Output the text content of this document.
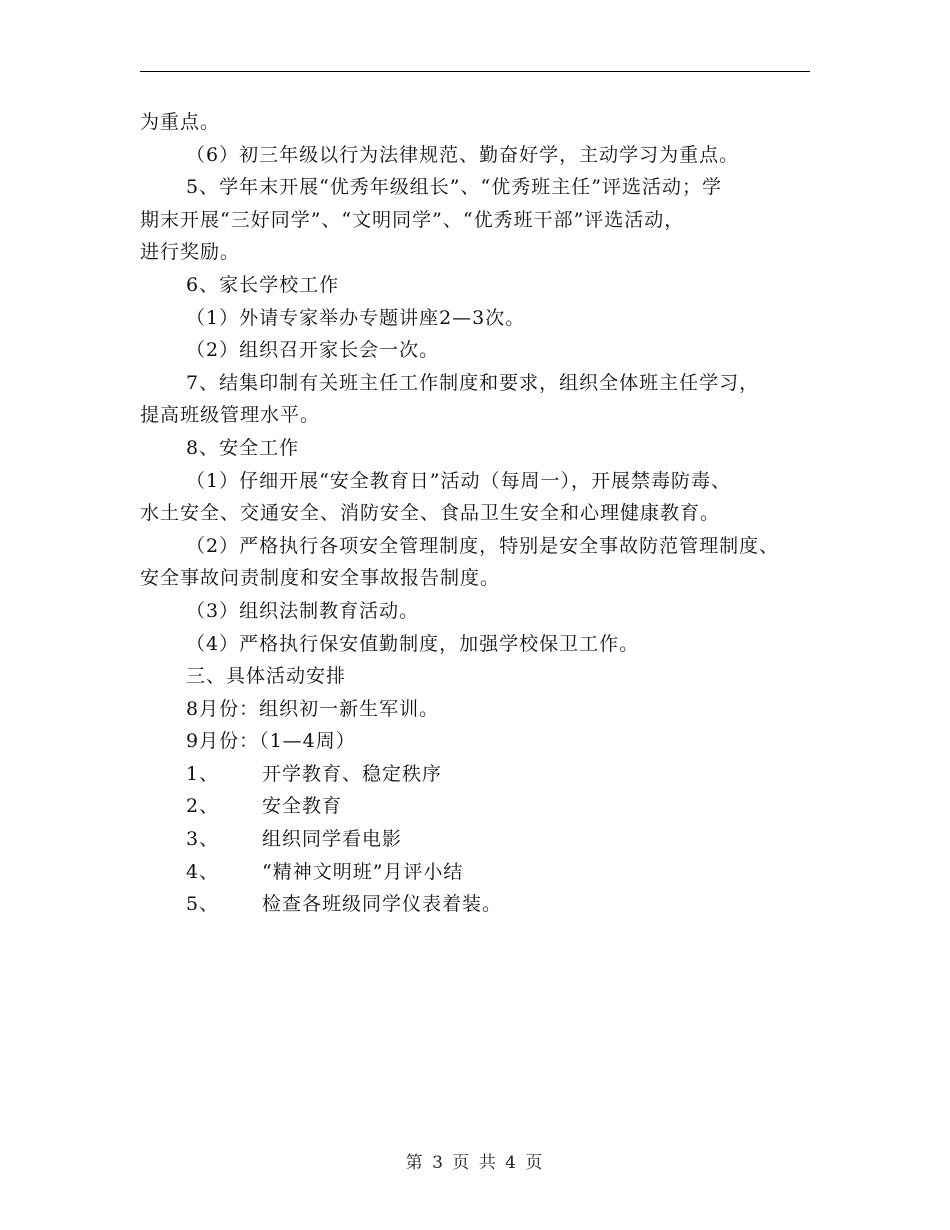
为重点。
（6）初三年级以行为法律规范、勤奋好学，主动学习为重点。
5、学年末开展“优秀年级组长”、“优秀班主任”评选活动；学
期末开展“三好同学”、“文明同学”、“优秀班干部”评选活动，
进行奖励。
6、家长学校工作
（1）外请专家举办专题讲座2—3次。
（2）组织召开家长会一次。
7、结集印制有关班主任工作制度和要求，组织全体班主任学习，
提高班级管理水平。
8、安全工作
（1）仔细开展“安全教育日”活动（每周一），开展禁毒防毒、
水土安全、交通安全、消防安全、食品卫生安全和心理健康教育。
（2）严格执行各项安全管理制度，特别是安全事故防范管理制度、
安全事故问责制度和安全事故报告制度。
（3）组织法制教育活动。
（4）严格执行保安值勤制度，加强学校保卫工作。
三、具体活动安排
8月份：组织初一新生军训。
9月份：（1—4周）
1、 开学教育、稳定秩序
2、 安全教育
3、 组织同学看电影
4、 “精神文明班”月评小结
5、 检查各班级同学仪表着装。
第 3 页 共 4 页
